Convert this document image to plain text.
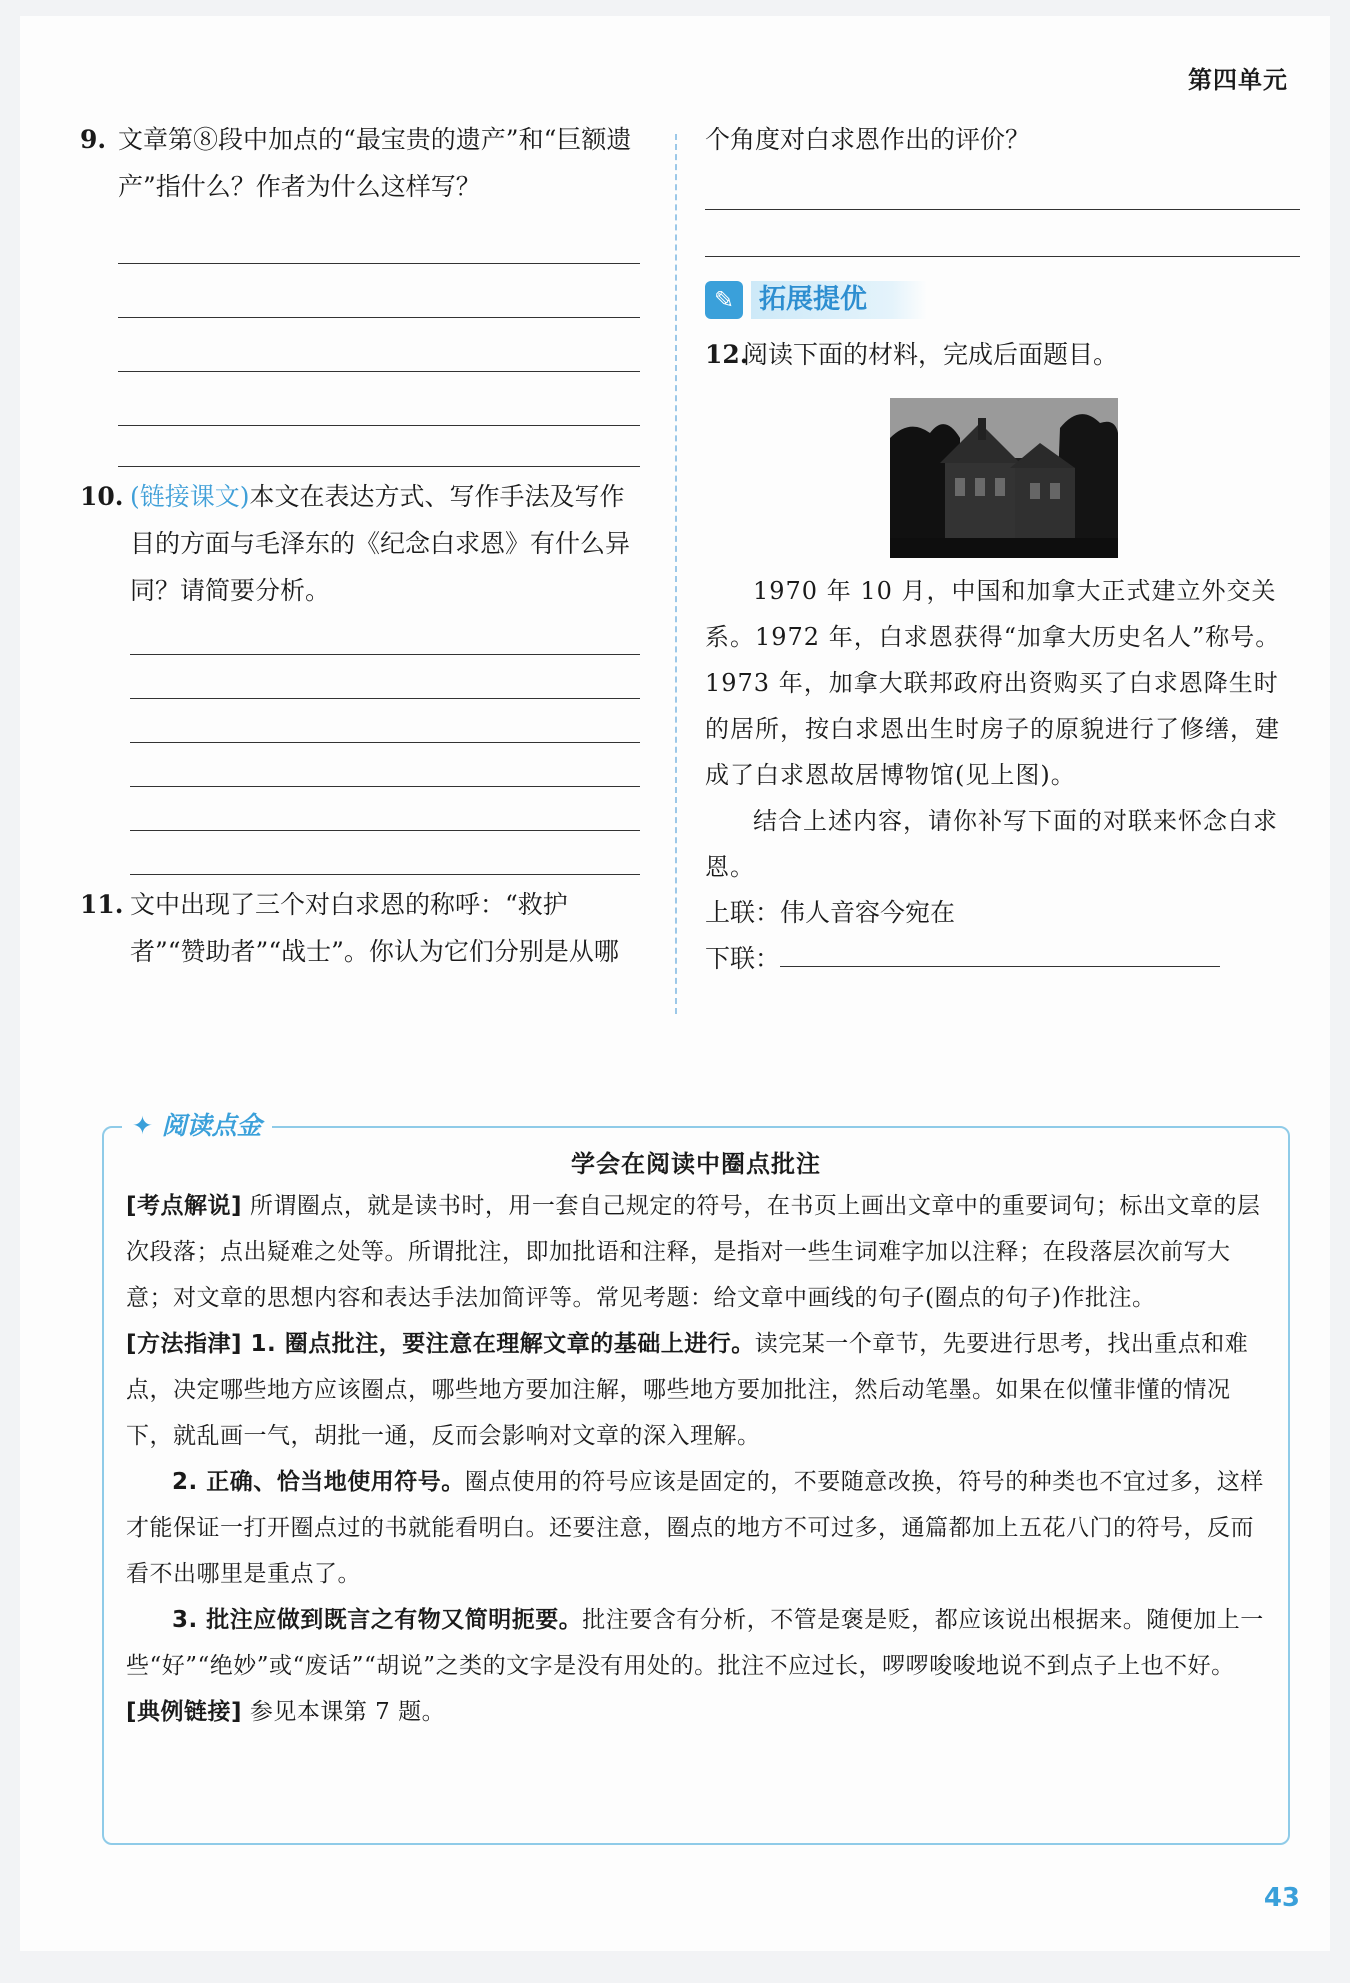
第四单元
9. 文章第⑧段中加点的“最宝贵的遗产”和“巨额遗产”指什么？作者为什么这样写？
10. (链接课文)本文在表达方式、写作手法及写作目的方面与毛泽东的《纪念白求恩》有什么异同？请简要分析。
11. 文中出现了三个对白求恩的称呼：“救护者”“赞助者”“战士”。你认为它们分别是从哪
个角度对白求恩作出的评价？
✎ 拓展提优
12.
阅读下面的材料，完成后面题目。

1970 年 10 月，中国和加拿大正式建立外交关系。1972 年，白求恩获得“加拿大历史名人”称号。1973 年，加拿大联邦政府出资购买了白求恩降生时的居所，按白求恩出生时房子的原貌进行了修缮，建成了白求恩故居博物馆(见上图)。

结合上述内容，请你补写下面的对联来怀念白求恩。

上联：伟人音容今宛在
下联：
✦ 阅读点金
学会在阅读中圈点批注

[考点解说] 所谓圈点，就是读书时，用一套自己规定的符号，在书页上画出文章中的重要词句；标出文章的层次段落；点出疑难之处等。所谓批注，即加批语和注释，是指对一些生词难字加以注释；在段落层次前写大意；对文章的思想内容和表达手法加简评等。常见考题：给文章中画线的句子(圈点的句子)作批注。

[方法指津] 1. 圈点批注，要注意在理解文章的基础上进行。读完某一个章节，先要进行思考，找出重点和难点，决定哪些地方应该圈点，哪些地方要加注解，哪些地方要加批注，然后动笔墨。如果在似懂非懂的情况下，就乱画一气，胡批一通，反而会影响对文章的深入理解。

2. 正确、恰当地使用符号。圈点使用的符号应该是固定的，不要随意改换，符号的种类也不宜过多，这样才能保证一打开圈点过的书就能看明白。还要注意，圈点的地方不可过多，通篇都加上五花八门的符号，反而看不出哪里是重点了。

3. 批注应做到既言之有物又简明扼要。批注要含有分析，不管是褒是贬，都应该说出根据来。随便加上一些“好”“绝妙”或“废话”“胡说”之类的文字是没有用处的。批注不应过长，啰啰唆唆地说不到点子上也不好。

[典例链接] 参见本课第 7 题。

43
